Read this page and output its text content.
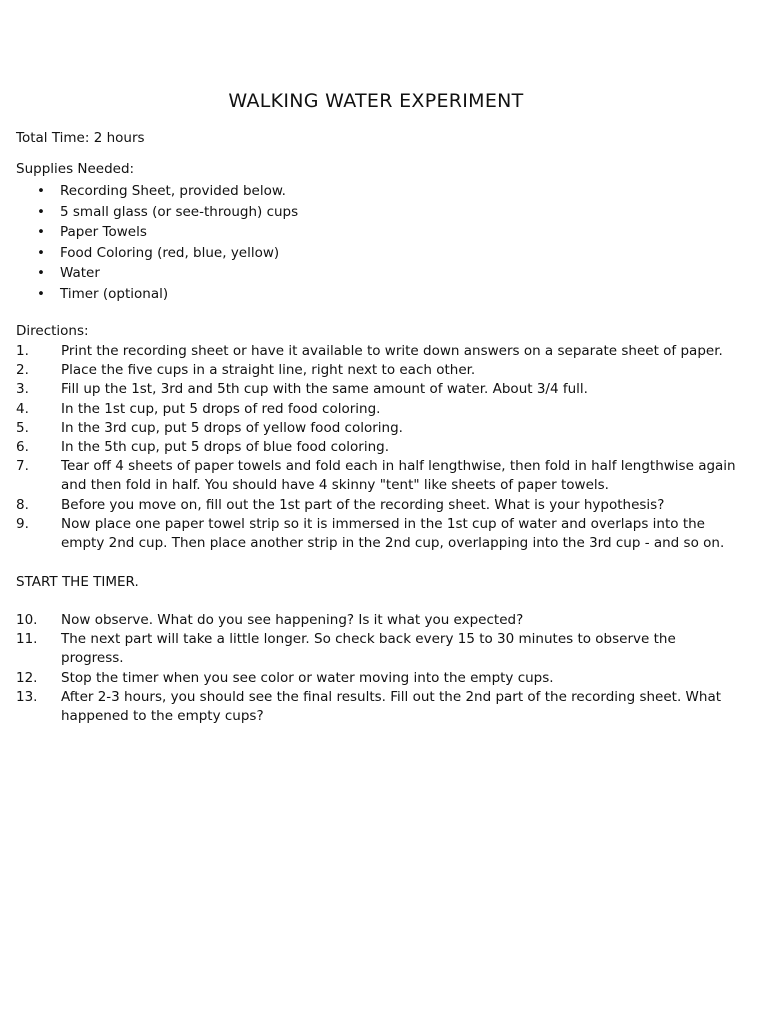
WALKING WATER EXPERIMENT
Total Time: 2 hours
Supplies Needed:
• Recording Sheet, provided below.
• 5 small glass (or see-through) cups
• Paper Towels
• Food Coloring (red, blue, yellow)
• Water
• Timer (optional)
Directions:
1. Print the recording sheet or have it available to write down answers on a separate sheet of paper.
2. Place the five cups in a straight line, right next to each other.
3. Fill up the 1st, 3rd and 5th cup with the same amount of water. About 3/4 full.
4. In the 1st cup, put 5 drops of red food coloring.
5. In the 3rd cup, put 5 drops of yellow food coloring.
6. In the 5th cup, put 5 drops of blue food coloring.
7. Tear off 4 sheets of paper towels and fold each in half lengthwise, then fold in half lengthwise again and then fold in half. You should have 4 skinny "tent" like sheets of paper towels.
8. Before you move on, fill out the 1st part of the recording sheet. What is your hypothesis?
9. Now place one paper towel strip so it is immersed in the 1st cup of water and overlaps into the empty 2nd cup. Then place another strip in the 2nd cup, overlapping into the 3rd cup - and so on.
START THE TIMER.
10. Now observe. What do you see happening? Is it what you expected?
11. The next part will take a little longer. So check back every 15 to 30 minutes to observe the progress.
12. Stop the timer when you see color or water moving into the empty cups.
13. After 2-3 hours, you should see the final results. Fill out the 2nd part of the recording sheet. What happened to the empty cups?
